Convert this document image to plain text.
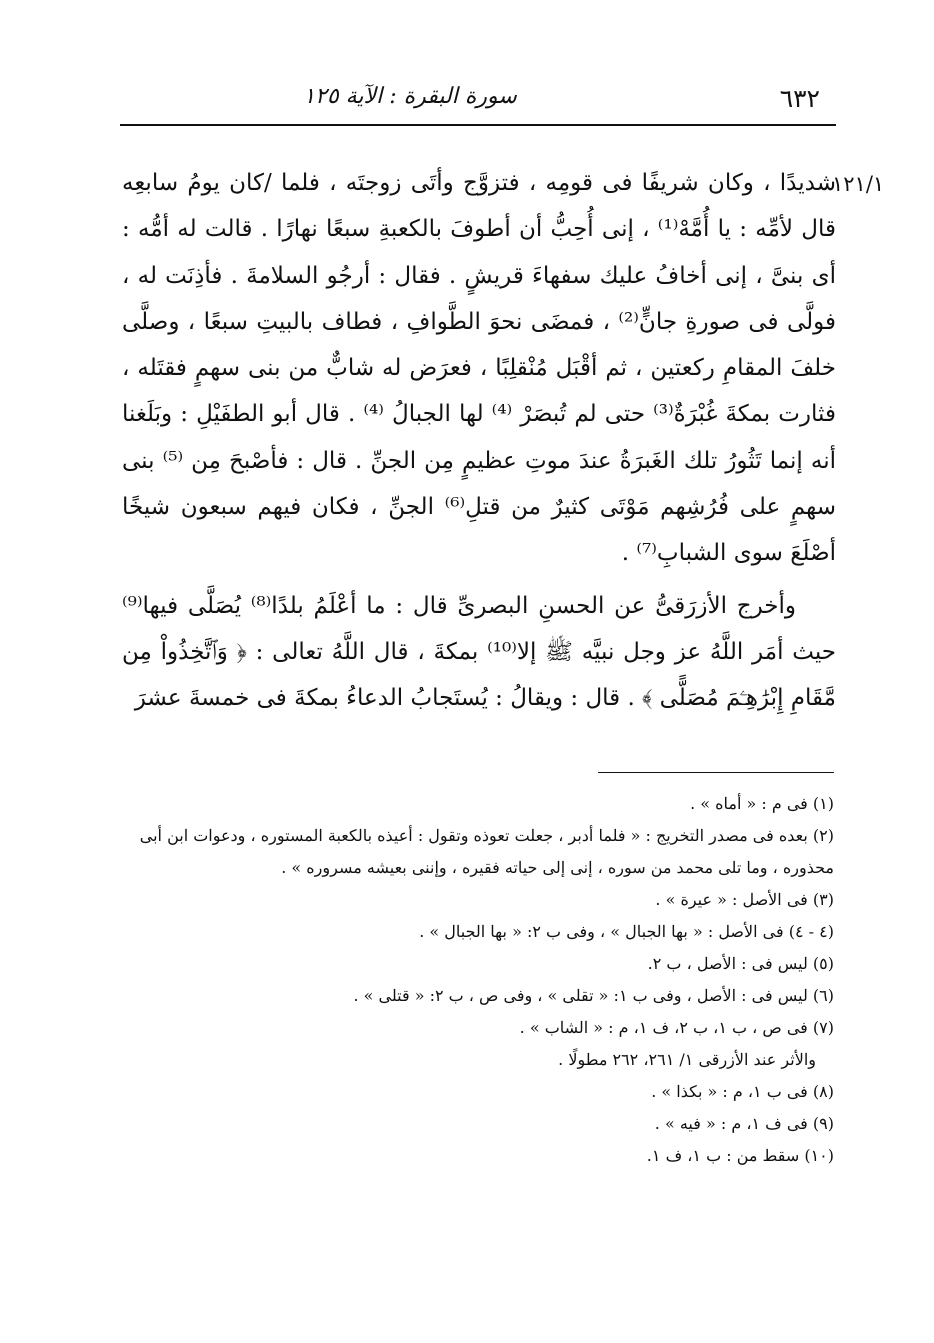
٦٣٢
سورة البقرة : الآية ١٢٥
١٢١/١

شديدًا ، وكان شريفًا فى قومِه ، فتزوَّج وأتَى زوجتَه ، فلما /كان يومُ سابعِه قال لأمِّه : يا أُمَّهْ⁽¹⁾ ، إنى أُحِبُّ أن أطوفَ بالكعبةِ سبعًا نهارًا . قالت له أمُّه : أى بنىَّ ، إنى أخافُ عليك سفهاءَ قريشٍ . فقال : أرجُو السلامةَ . فأذِنَت له ، فولَّى فى صورةِ جانٍّ⁽²⁾ ، فمضَى نحوَ الطَّوافِ ، فطاف بالبيتِ سبعًا ، وصلَّى خلفَ المقامِ ركعتين ، ثم أقْبَل مُنْقلِبًا ، فعرَض له شابٌّ من بنى سهمٍ فقتَله ، فثارت بمكةَ غُبْرَةٌ⁽³⁾ حتى لم تُبصَرْ ⁽⁴⁾ لها الجبالُ ⁽⁴⁾ . قال أبو الطفَيْلِ : وبَلَغنا أنه إنما تَثُورُ تلك الغَبرَةُ عندَ موتِ عظيمٍ مِن الجنِّ . قال : فأصْبحَ مِن ⁽⁵⁾ بنى سهمٍ على فُرُشِهم مَوْتَى كثيرٌ من قتلِ⁽⁶⁾ الجنِّ ، فكان فيهم سبعون شيخًا أصْلَعَ سوى الشبابِ⁽⁷⁾ .

وأخرج الأزرَقىُّ عن الحسنِ البصرىِّ قال : ما أعْلَمُ بلدًا⁽⁸⁾ يُصَلَّى فيها⁽⁹⁾ حيث أمَر اللَّهُ عز وجل نبيَّه ﷺ إلا⁽¹⁰⁾ بمكةَ ، قال اللَّهُ تعالى : ﴿ وَٱتَّخِذُواْ مِن مَّقَامِ إِبْرَٰهِـۧمَ مُصَلًّى ﴾ . قال : ويقالُ : يُستَجابُ الدعاءُ بمكةَ فى خمسةَ عشرَ

(١) فى م : « أماه » .

(٢) بعده فى مصدر التخريج : « فلما أدبر ، جعلت تعوذه وتقول : أعيذه بالكعبة المستوره ، ودعوات ابن أبى محذوره ، وما تلى محمد من سوره ، إنى إلى حياته فقيره ، وإننى بعيشه مسروره » .

(٣) فى الأصل : « عيرة » .

(٤ - ٤) فى الأصل : « بها الجبال » ، وفى ب ٢: « بها الجبال » .

(٥) ليس فى : الأصل ، ب ٢.

(٦) ليس فى : الأصل ، وفى ب ١: « تقلى » ، وفى ص ، ب ٢: « قتلى » .

(٧) فى ص ، ب ١، ب ٢، ف ١، م : « الشاب » .

والأثر عند الأزرقى ١/ ٢٦١، ٢٦٢ مطولًا .

(٨) فى ب ١، م : « بكذا » .

(٩) فى ف ١، م : « فيه » .

(١٠) سقط من : ب ١، ف ١.
